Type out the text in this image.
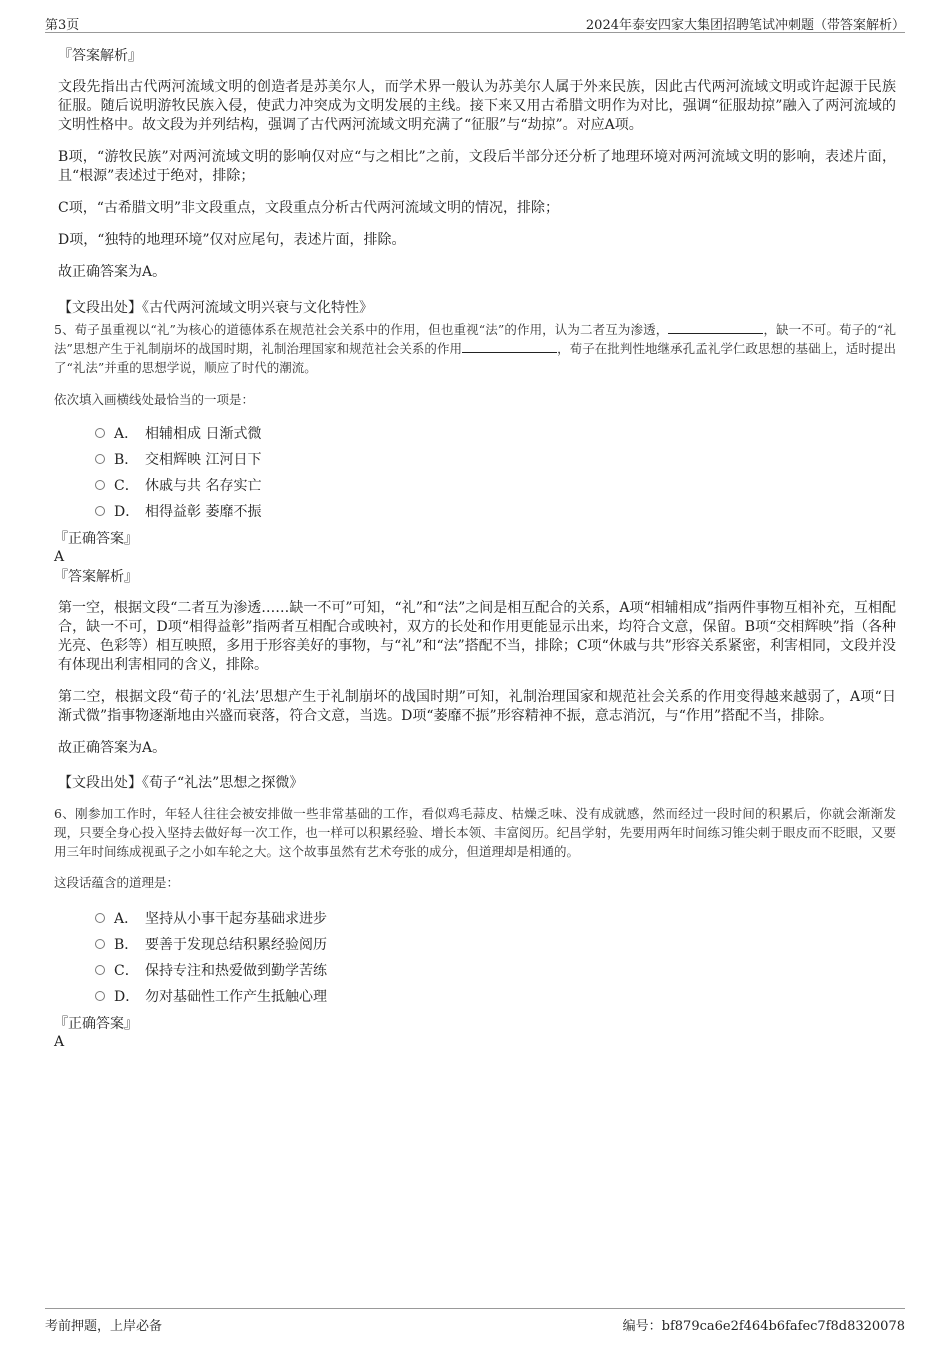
第3页	2024年泰安四家大集团招聘笔试冲刺题（带答案解析）
『答案解析』
文段先指出古代两河流域文明的创造者是苏美尔人，而学术界一般认为苏美尔人属于外来民族，因此古代两河流域文明或许起源于民族征服。随后说明游牧民族入侵，使武力冲突成为文明发展的主线。接下来又用古希腊文明作为对比，强调“征服劫掠”融入了两河流域的文明性格中。故文段为并列结构，强调了古代两河流域文明充满了“征服”与“劫掠”。对应A项。
B项，“游牧民族”对两河流域文明的影响仅对应“与之相比”之前，文段后半部分还分析了地理环境对两河流域文明的影响，表述片面，且“根源”表述过于绝对，排除；
C项，“古希腊文明”非文段重点，文段重点分析古代两河流域文明的情况，排除；
D项，“独特的地理环境”仅对应尾句，表述片面，排除。
故正确答案为A。
【文段出处】《古代两河流域文明兴衰与文化特性》
5、荀子虽重视以“礼”为核心的道德体系在规范社会关系中的作用，但也重视“法”的作用，认为二者互为渗透，	，缺一不可。荀子的“礼法”思想产生于礼制崩坏的战国时期，礼制治理国家和规范社会关系的作用	，荀子在批判性地继承孔孟礼学仁政思想的基础上，适时提出了“礼法”并重的思想学说，顺应了时代的潮流。
依次填入画横线处最恰当的一项是：
A． 相辅相成 日渐式微
B． 交相辉映 江河日下
C． 休戚与共 名存实亡
D． 相得益彰 萎靡不振
『正确答案』
A
『答案解析』
第一空，根据文段“二者互为渗透……缺一不可”可知，“礼”和“法”之间是相互配合的关系，A项“相辅相成”指两件事物互相补充，互相配合，缺一不可，D项“相得益彰”指两者互相配合或映衬，双方的长处和作用更能显示出来，均符合文意，保留。B项“交相辉映”指（各种光亮、色彩等）相互映照，多用于形容美好的事物，与“礼”和“法”搭配不当，排除；C项“休戚与共”形容关系紧密，利害相同，文段并没有体现出利害相同的含义，排除。
第二空，根据文段“荀子的‘礼法’思想产生于礼制崩坏的战国时期”可知，礼制治理国家和规范社会关系的作用变得越来越弱了，A项“日渐式微”指事物逐渐地由兴盛而衰落，符合文意，当选。D项“萎靡不振”形容精神不振，意志消沉，与“作用”搭配不当，排除。
故正确答案为A。
【文段出处】《荀子“礼法”思想之探微》
6、刚参加工作时，年轻人往往会被安排做一些非常基础的工作，看似鸡毛蒜皮、枯燥乏味、没有成就感，然而经过一段时间的积累后，你就会渐渐发现，只要全身心投入坚持去做好每一次工作，也一样可以积累经验、增长本领、丰富阅历。纪昌学射，先要用两年时间练习锥尖刺于眼皮而不眨眼，又要用三年时间练成视虱子之小如车轮之大。这个故事虽然有艺术夸张的成分，但道理却是相通的。
这段话蕴含的道理是：
A． 坚持从小事干起夯基础求进步
B． 要善于发现总结积累经验阅历
C． 保持专注和热爱做到勤学苦练
D． 勿对基础性工作产生抵触心理
『正确答案』
A
考前押题，上岸必备	编号：bf879ca6e2f464b6fafec7f8d8320078
